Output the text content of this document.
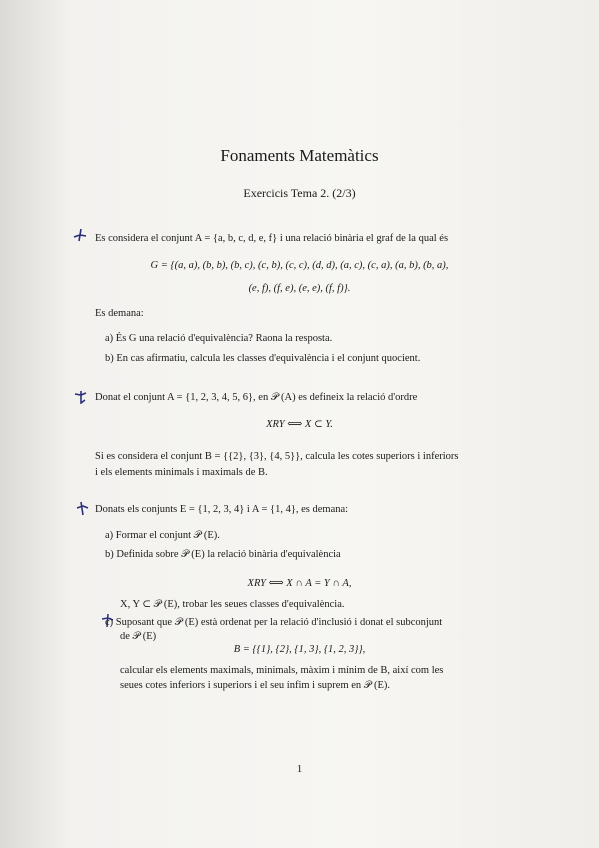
Fonaments Matemàtics
Exercicis Tema 2. (2/3)
Es considera el conjunt A = {a, b, c, d, e, f} i una relació binària el graf de la qual és
G = {(a, a), (b, b), (b, c), (c, b), (c, c), (d, d), (a, c), (c, a), (a, b), (b, a),
(e, f), (f, e), (e, e), (f, f)}.
Es demana:
a) És G una relació d'equivalència? Raona la resposta.
b) En cas afirmatiu, calcula les classes d'equivalència i el conjunt quocient.
Donat el conjunt A = {1, 2, 3, 4, 5, 6}, en 𝒫 (A) es defineix la relació d'ordre
XRY ⟺ X ⊂ Y.
Si es considera el conjunt B = {{2}, {3}, {4, 5}}, calcula les cotes superiors i inferiors
i els elements minimals i maximals de B.
Donats els conjunts E = {1, 2, 3, 4} i A = {1, 4}, es demana:
a) Formar el conjunt 𝒫 (E).
b) Definida sobre 𝒫 (E) la relació binària d'equivalència
XRY ⟺ X ∩ A = Y ∩ A,
X, Y ⊂ 𝒫 (E), trobar les seues classes d'equivalència.
c) Suposant que 𝒫 (E) està ordenat per la relació d'inclusió i donat el subconjunt
de 𝒫 (E)
B = {{1}, {2}, {1, 3}, {1, 2, 3}},
calcular els elements maximals, minimals, màxim i mínim de B, així com les
seues cotes inferiors i superiors i el seu ínfim i suprem en 𝒫 (E).
1
